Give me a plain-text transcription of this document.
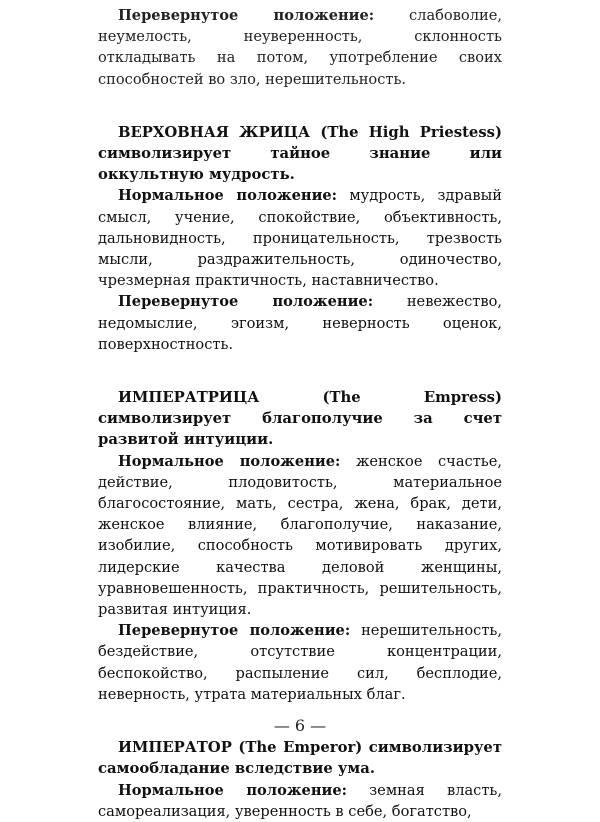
Перевернутое положение: слабоволие, неумелость, неуверенность, склонность откладывать на потом, употребление своих способностей во зло, нерешительность.

ВЕРХОВНАЯ ЖРИЦА (The High Priestess) символизирует тайное знание или оккультную мудрость.

Нормальное положение: мудрость, здравый смысл, учение, спокойствие, объективность, дальновидность, проницательность, трезвость мысли, раздражительность, одиночество, чрезмерная практичность, наставничество.

Перевернутое положение: невежество, недомыслие, эгоизм, неверность оценок, поверхностность.

ИМПЕРАТРИЦА (The Empress) символизирует благополучие за счет развитой интуиции.

Нормальное положение: женское счастье, действие, плодовитость, материальное благосостояние, мать, сестра, жена, брак, дети, женское влияние, благополучие, наказание, изобилие, способность мотивировать других, лидерские качества деловой женщины, уравновешенность, практичность, решительность, развитая интуиция.

Перевернутое положение: нерешительность, бездействие, отсутствие концентрации, беспокойство, распыление сил, бесплодие, неверность, утрата материальных благ.

ИМПЕРАТОР (The Emperor) символизирует самообладание вследствие ума.

Нормальное положение: земная власть, самореализация, уверенность в себе, богатство,

— 6 —
